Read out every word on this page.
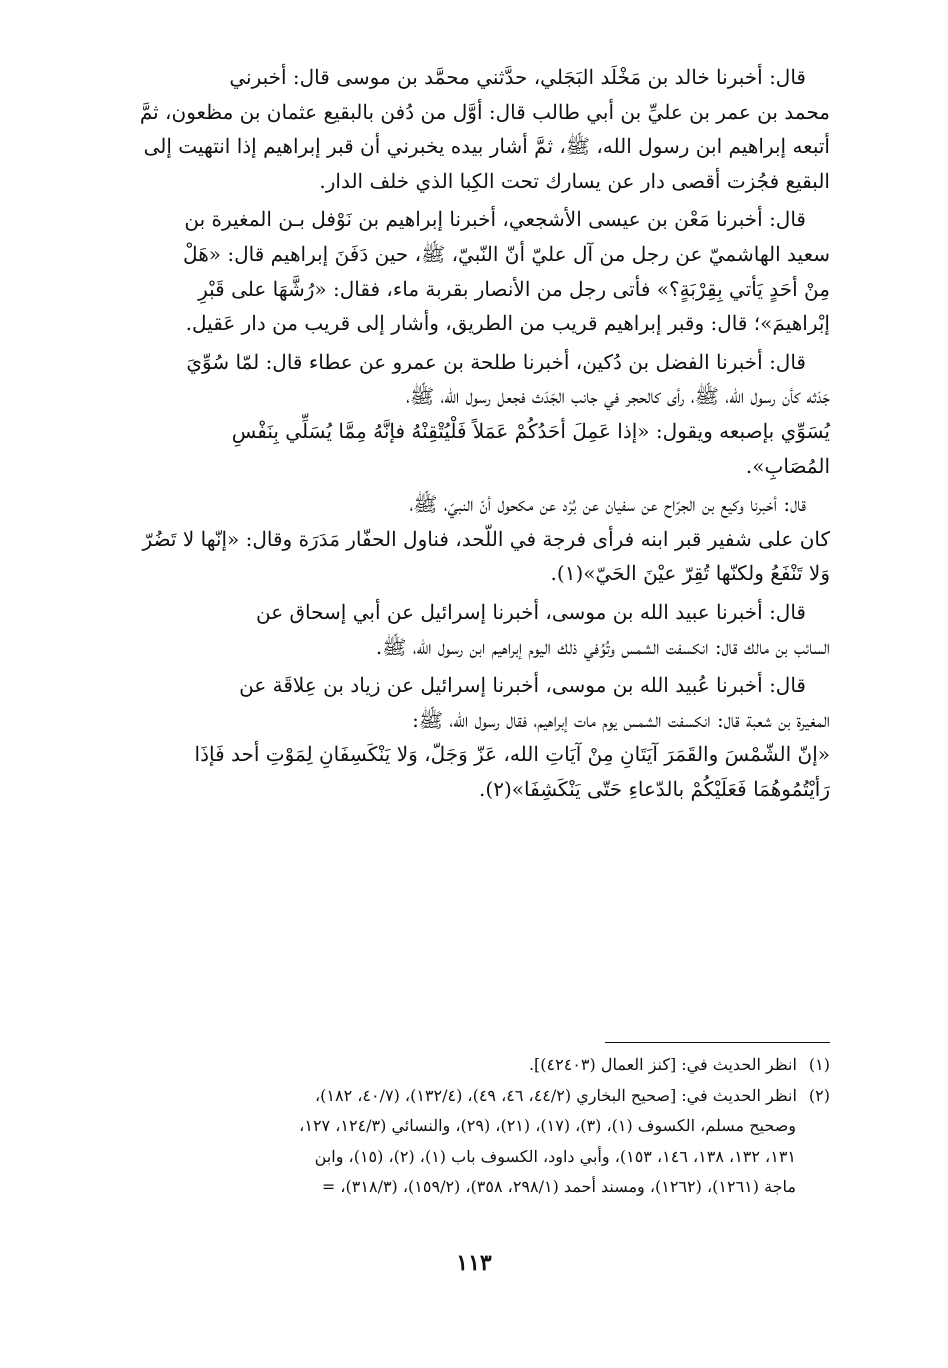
قال: أخبرنا خالد بن مَخْلَد البَجَلي، حدَّثني محمَّد بن موسى قال: أخبرني
محمد بن عمر بن عليِّ بن أبي طالب قال: أوَّل من دُفن بالبقيع عثمان بن مظعون، ثمَّ
أتبعه إبراهيم ابن رسول الله، ﷺ، ثمَّ أشار بيده يخبرني أن قبر إبراهيم إذا انتهيت إلى
البقيع فجُزت أقصى دار عن يسارك تحت الكِبا الذي خلف الدار.

قال: أخبرنا مَعْن بن عيسى الأشجعي، أخبرنا إبراهيم بن نَوْفل بـن المغيرة بن
سعيد الهاشميّ عن رجل من آل عليّ أنّ النّبيّ، ﷺ، حين دَفَنَ إبراهيم قال: «هَلْ
مِنْ أحَدٍ يَأتي بِقِرْبَةٍ؟» فأتى رجل من الأنصار بقربة ماء، فقال: «رُشَّهَا على قَبْرِ
إبْراهيمَ»؛ قال: وقبر إبراهيم قريب من الطريق، وأشار إلى قريب من دار عَقيل.

قال: أخبرنا الفضل بن دُكين، أخبرنا طلحة بن عمرو عن عطاء قال: لمّا سُوِّيَ
جَدَثه كأن رسول الله، ﷺ، رأى كالحجر في جانب الجَدَث فجعل رسول الله، ﷺ،
يُسَوِّي بإصبعه ويقول: «إذا عَمِلَ أحَدُكُمْ عَمَلاً فَلْيُتْقِنْهُ فإنَّهُ مِمَّا يُسَلِّي بِنَفْسِ
المُصَابِ».

قال: أخبرنا وكيع بن الجرّاح عن سفيان عن بُرْد عن مكحول أنّ النبيّ، ﷺ،
كان على شفير قبر ابنه فرأى فرجة في اللّحد، فناول الحفّار مَدَرَة وقال: «إنّها لا تَضُرّ
وَلا تَنْفَعُ ولكنّها تُقِرّ عيْنَ الحَيّ»(١).

قال: أخبرنا عبيد الله بن موسى، أخبرنا إسرائيل عن أبي إسحاق عن
السائب بن مالك قال: انكسفت الشمس وتُوُفي ذلك اليوم إبراهيم ابن رسول الله، ﷺ.

قال: أخبرنا عُبيد الله بن موسى، أخبرنا إسرائيل عن زياد بن عِلاقَة عن
المغيرة بن شعبة قال: انكسفت الشمس يوم مات إبراهيم، فقال رسول الله، ﷺ:
«إنّ الشّمْسَ والقَمَرَ آيَتَانِ مِنْ آيَاتِ الله، عَزّ وَجَلّ، وَلا يَنْكَسِفَانِ لِمَوْتِ أحد فَإذَا
رَأيْتُمُوهُمَا فَعَلَيْكُمْ بالدّعاءِ حَتّى يَنْكَشِفَا»(٢).

(١) انظر الحديث في: [كنز العمال (٤٢٤٠٣)].

(٢) انظر الحديث في: [صحيح البخاري (٤٤/٢، ٤٦، ٤٩)، (١٣٢/٤)، (٤٠/٧، ١٨٢)،
وصحيح مسلم، الكسوف (١)، (٣)، (١٧)، (٢١)، (٢٩)، والنسائي (١٢٤/٣، ١٢٧،
١٣١، ١٣٢، ١٣٨، ١٤٦، ١٥٣)، وأبي داود، الكسوف باب (١)، (٢)، (١٥)، وابن
ماجة (١٢٦١)، (١٢٦٢)، ومسند أحمد (٢٩٨/١، ٣٥٨)، (١٥٩/٢)، (٣١٨/٣)، =

١١٣
